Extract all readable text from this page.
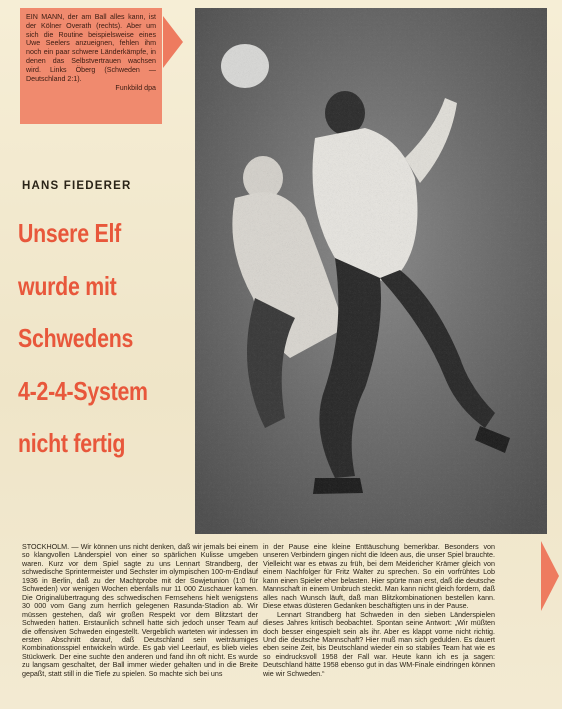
EIN MANN, der am Ball alles kann, ist der Kölner Overath (rechts). Aber um sich die Routine beispielsweise eines Uwe Seelers anzueignen, fehlen ihm noch ein paar schwere Länderkämpfe, in denen das Selbstvertrauen wachsen wird. Links Öberg (Schweden — Deutschland 2:1).
Funkbild dpa
HANS FIEDERER
Unsere Elf
wurde mit
Schwedens
4-2-4-System
nicht fertig

STOCKHOLM. — Wir können uns nicht denken, daß wir jemals bei einem so klangvollen Länderspiel von einer so spärlichen Kulisse umgeben waren. Kurz vor dem Spiel sagte zu uns Lennart Strandberg, der schwedische Sprintermeister und Sechster im olympischen 100-m-Endlauf 1936 in Berlin, daß zu der Machtprobe mit der Sowjetunion (1:0 für Schweden) vor wenigen Wochen ebenfalls nur 11 000 Zuschauer kamen. Die Originalübertragung des schwedischen Fernsehens hielt wenigstens 30 000 vom Gang zum herrlich gelegenen Rasunda-Stadion ab. Wir müssen gestehen, daß wir großen Respekt vor dem Blitzstart der Schweden hatten. Erstaunlich schnell hatte sich jedoch unser Team auf die offensiven Schweden eingestellt. Vergeblich warteten wir indessen im ersten Abschnitt darauf, daß Deutschland sein weiträumiges Kombinationsspiel entwickeln würde. Es gab viel Leerlauf, es blieb vieles Stückwerk. Der eine suchte den anderen und fand ihn oft nicht. Es wurde zu langsam geschaltet, der Ball immer wieder gehalten und in die Breite gepaßt, statt still in die Tiefe zu spielen. So machte sich bei uns

in der Pause eine kleine Enttäuschung bemerkbar. Besonders von unseren Verbindern gingen nicht die Ideen aus, die unser Spiel brauchte. Vielleicht war es etwas zu früh, bei dem Meidericher Krämer gleich von einem Nachfolger für Fritz Walter zu sprechen. So ein vorfrühtes Lob kann einen Spieler eher belasten. Hier spürte man erst, daß die deutsche Mannschaft in einem Umbruch steckt. Man kann nicht gleich fordern, daß alles nach Wunsch läuft, daß man Blitzkombinationen bestellen kann. Diese etwas düsteren Gedanken beschäftigten uns in der Pause.

Lennart Strandberg hat Schweden in den sieben Länderspielen dieses Jahres kritisch beobachtet. Spontan seine Antwort: „Wir müßten doch besser eingespielt sein als ihr. Aber es klappt vorne nicht richtig. Und die deutsche Mannschaft? Hier muß man sich gedulden. Es dauert eben seine Zeit, bis Deutschland wieder ein so stabiles Team hat wie es so eindrucksvoll 1958 der Fall war. Heute kann ich es ja sagen: Deutschland hätte 1958 ebenso gut in das WM-Finale eindringen können wie wir Schweden.“
